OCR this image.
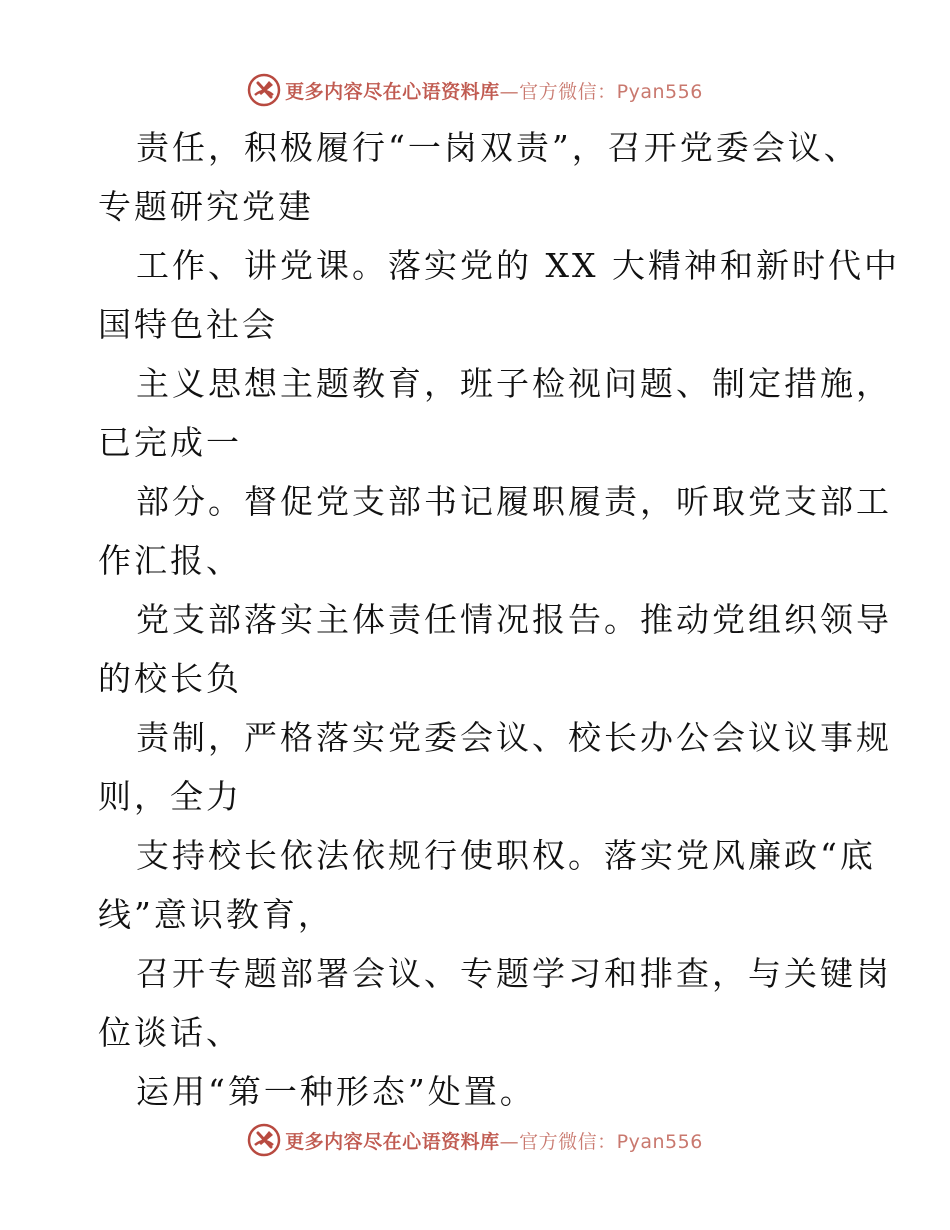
更多内容尽在心语资料库—官方微信：Pyan556

责任，积极履行“一岗双责”，召开党委会议、

专题研究党建

工作、讲党课。落实党的 XX 大精神和新时代中

国特色社会

主义思想主题教育，班子检视问题、制定措施，

已完成一

部分。督促党支部书记履职履责，听取党支部工

作汇报、

党支部落实主体责任情况报告。推动党组织领导

的校长负

责制，严格落实党委会议、校长办公会议议事规

则，全力

支持校长依法依规行使职权。落实党风廉政“底

线”意识教育，

召开专题部署会议、专题学习和排查，与关键岗

位谈话、

运用“第一种形态”处置。

更多内容尽在心语资料库—官方微信：Pyan556
